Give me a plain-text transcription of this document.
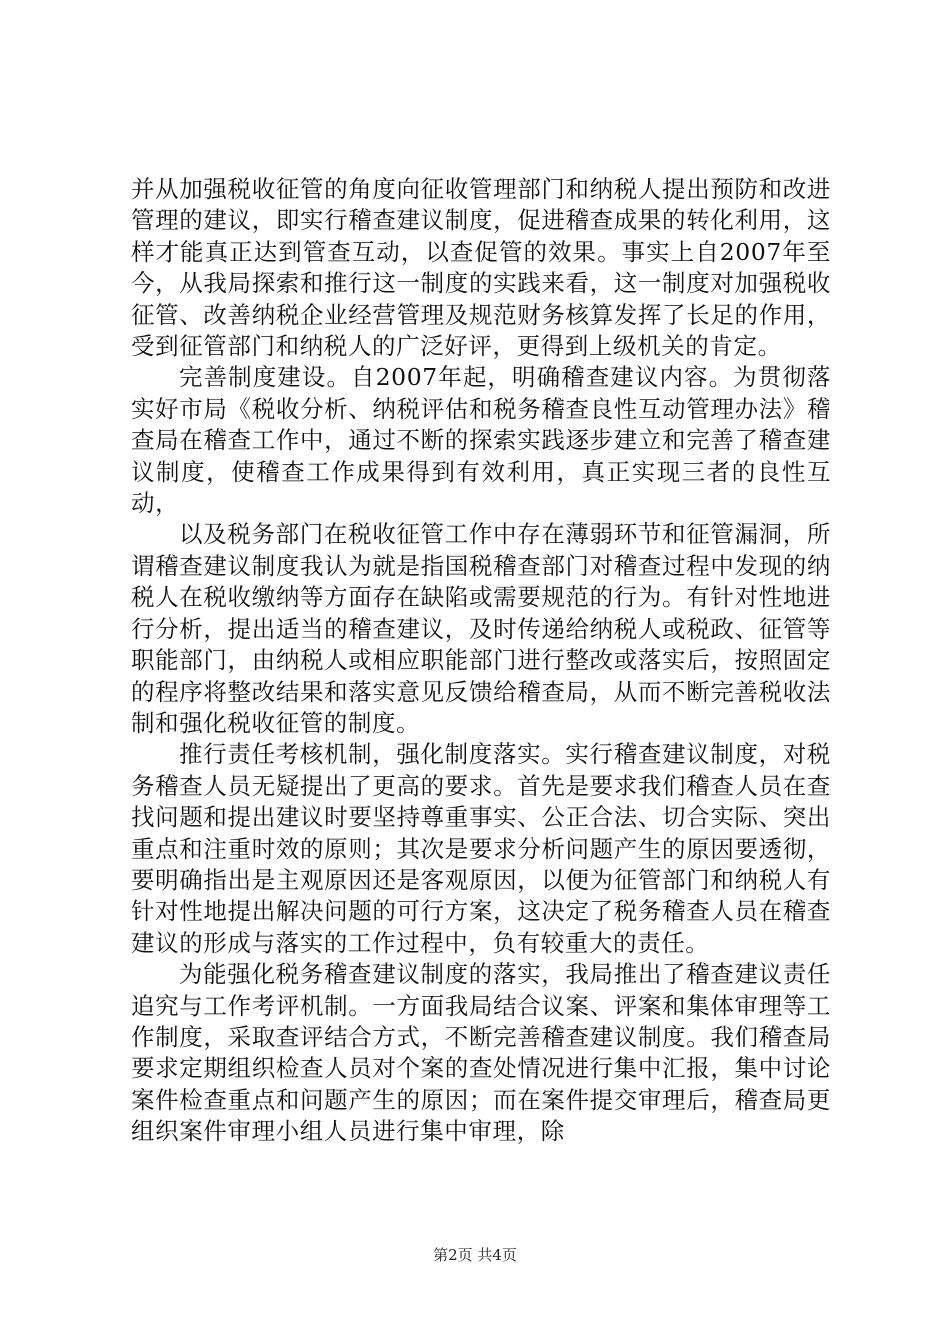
并从加强税收征管的角度向征收管理部门和纳税人提出预防和改进管理的建议，即实行稽查建议制度，促进稽查成果的转化利用，这样才能真正达到管查互动，以查促管的效果。事实上自2007年至今，从我局探索和推行这一制度的实践来看，这一制度对加强税收征管、改善纳税企业经营管理及规范财务核算发挥了长足的作用，受到征管部门和纳税人的广泛好评，更得到上级机关的肯定。

完善制度建设。自2007年起，明确稽查建议内容。为贯彻落实好市局《税收分析、纳税评估和税务稽查良性互动管理办法》稽查局在稽查工作中，通过不断的探索实践逐步建立和完善了稽查建议制度，使稽查工作成果得到有效利用，真正实现三者的良性互动，

以及税务部门在税收征管工作中存在薄弱环节和征管漏洞，所谓稽查建议制度我认为就是指国税稽查部门对稽查过程中发现的纳税人在税收缴纳等方面存在缺陷或需要规范的行为。有针对性地进行分析，提出适当的稽查建议，及时传递给纳税人或税政、征管等职能部门，由纳税人或相应职能部门进行整改或落实后，按照固定的程序将整改结果和落实意见反馈给稽查局，从而不断完善税收法制和强化税收征管的制度。

推行责任考核机制，强化制度落实。实行稽查建议制度，对税务稽查人员无疑提出了更高的要求。首先是要求我们稽查人员在查找问题和提出建议时要坚持尊重事实、公正合法、切合实际、突出重点和注重时效的原则；其次是要求分析问题产生的原因要透彻，要明确指出是主观原因还是客观原因，以便为征管部门和纳税人有针对性地提出解决问题的可行方案，这决定了税务稽查人员在稽查建议的形成与落实的工作过程中，负有较重大的责任。

为能强化税务稽查建议制度的落实，我局推出了稽查建议责任追究与工作考评机制。一方面我局结合议案、评案和集体审理等工作制度，采取查评结合方式，不断完善稽查建议制度。我们稽查局要求定期组织检查人员对个案的查处情况进行集中汇报，集中讨论案件检查重点和问题产生的原因；而在案件提交审理后，稽查局更组织案件审理小组人员进行集中审理，除

第2页 共4页
